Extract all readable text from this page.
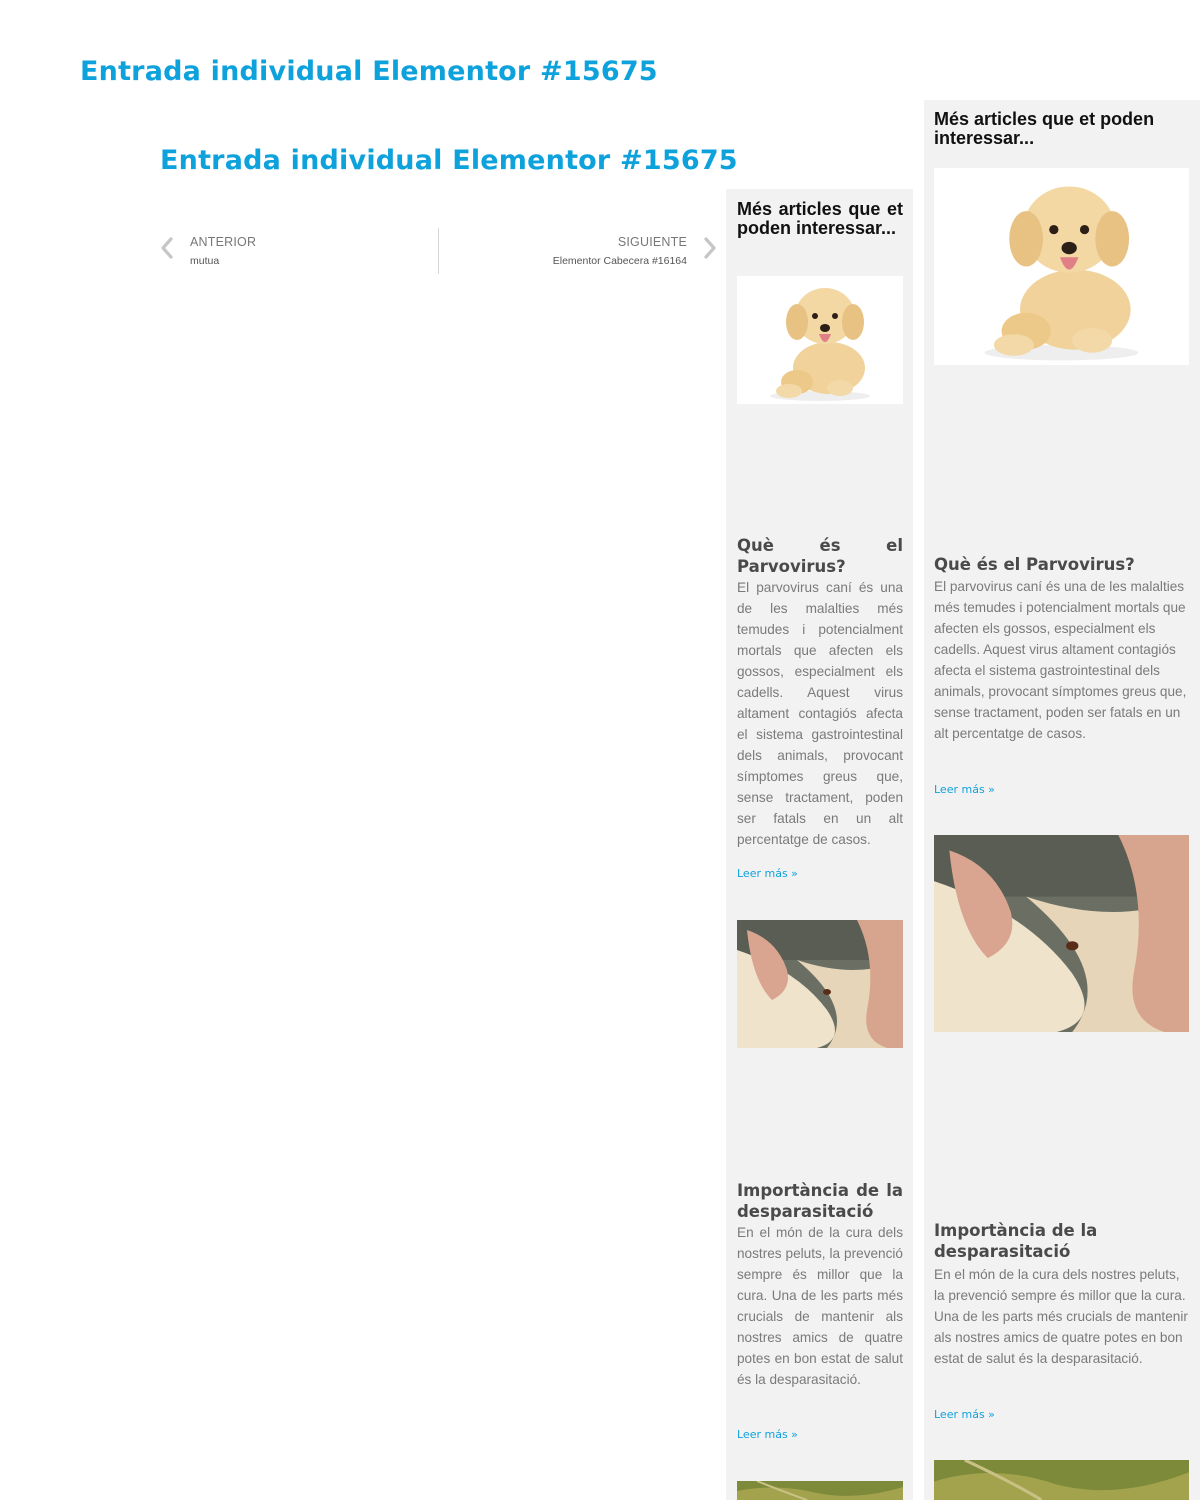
Entrada individual Elementor #15675
Entrada individual Elementor #15675
ANTERIOR
mutua
SIGUIENTE
Elementor Cabecera #16164
Més articles que et poden interessar...
Què és el Parvovirus?

El parvovirus caní és una de les malalties més temudes i potencialment mortals que afecten els gossos, especialment els cadells. Aquest virus altament contagiós afecta el sistema gastrointestinal dels animals, provocant símptomes greus que, sense tractament, poden ser fatals en un alt percentatge de casos.

Leer más »
Importància de la desparasitació

En el món de la cura dels nostres peluts, la prevenció sempre és millor que la cura. Una de les parts més crucials de mantenir als nostres amics de quatre potes en bon estat de salut és la desparasitació.

Leer más »
Més articles que et poden interessar...
Què és el Parvovirus?

El parvovirus caní és una de les malalties més temudes i potencialment mortals que afecten els gossos, especialment els cadells. Aquest virus altament contagiós afecta el sistema gastrointestinal dels animals, provocant símptomes greus que, sense tractament, poden ser fatals en un alt percentatge de casos.

Leer más »
Importància de la desparasitació

En el món de la cura dels nostres peluts, la prevenció sempre és millor que la cura. Una de les parts més crucials de mantenir als nostres amics de quatre potes en bon estat de salut és la desparasitació.

Leer más »
